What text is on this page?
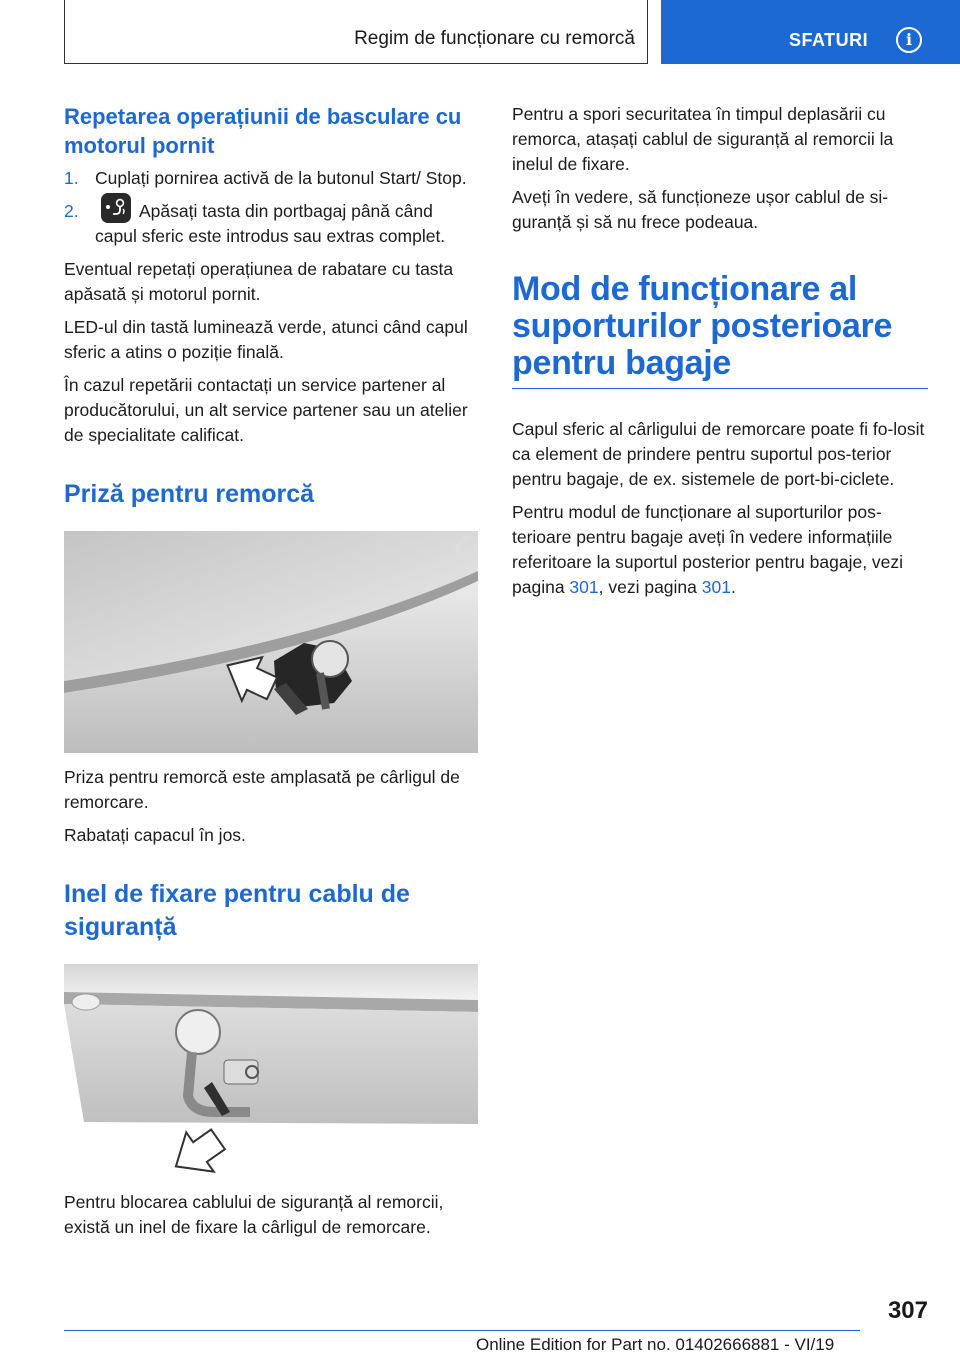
Regim de funcționare cu remorcă	SFATURI	i
Repetarea operațiunii de basculare cu motorul pornit
1. Cuplați pornirea activă de la butonul Start/ Stop.
2.	Apăsați tasta din portbagaj până când capul sferic este introdus sau extras complet.

Eventual repetați operațiunea de rabatare cu tasta apăsată și motorul pornit.

LED-ul din tastă luminează verde, atunci când capul sferic a atins o poziție finală.

În cazul repetării contactați un service partener al producătorului, un alt service partener sau un atelier de specialitate calificat.

Priză pentru remorcă

Priza pentru remorcă este amplasată pe cârligul de remorcare.

Rabatați capacul în jos.

Inel de fixare pentru cablu de siguranță

Pentru blocarea cablului de siguranță al remorcii, există un inel de fixare la cârligul de remorcare.

Pentru a spori securitatea în timpul deplasării cu remorca, atașați cablul de siguranță al remorcii la inelul de fixare.

Aveți în vedere, să funcționeze ușor cablul de si-guranță și să nu frece podeaua.

Mod de funcționare al suporturilor posterioare pentru bagaje

Capul sferic al cârligului de remorcare poate fi fo-losit ca element de prindere pentru suportul pos-terior pentru bagaje, de ex. sistemele de port-bi-ciclete.

Pentru modul de funcționare al suporturilor pos-terioare pentru bagaje aveți în vedere informațiile referitoare la suportul posterior pentru bagaje, vezi pagina 301, vezi pagina 301.

307
Online Edition for Part no. 01402666881 - VI/19
